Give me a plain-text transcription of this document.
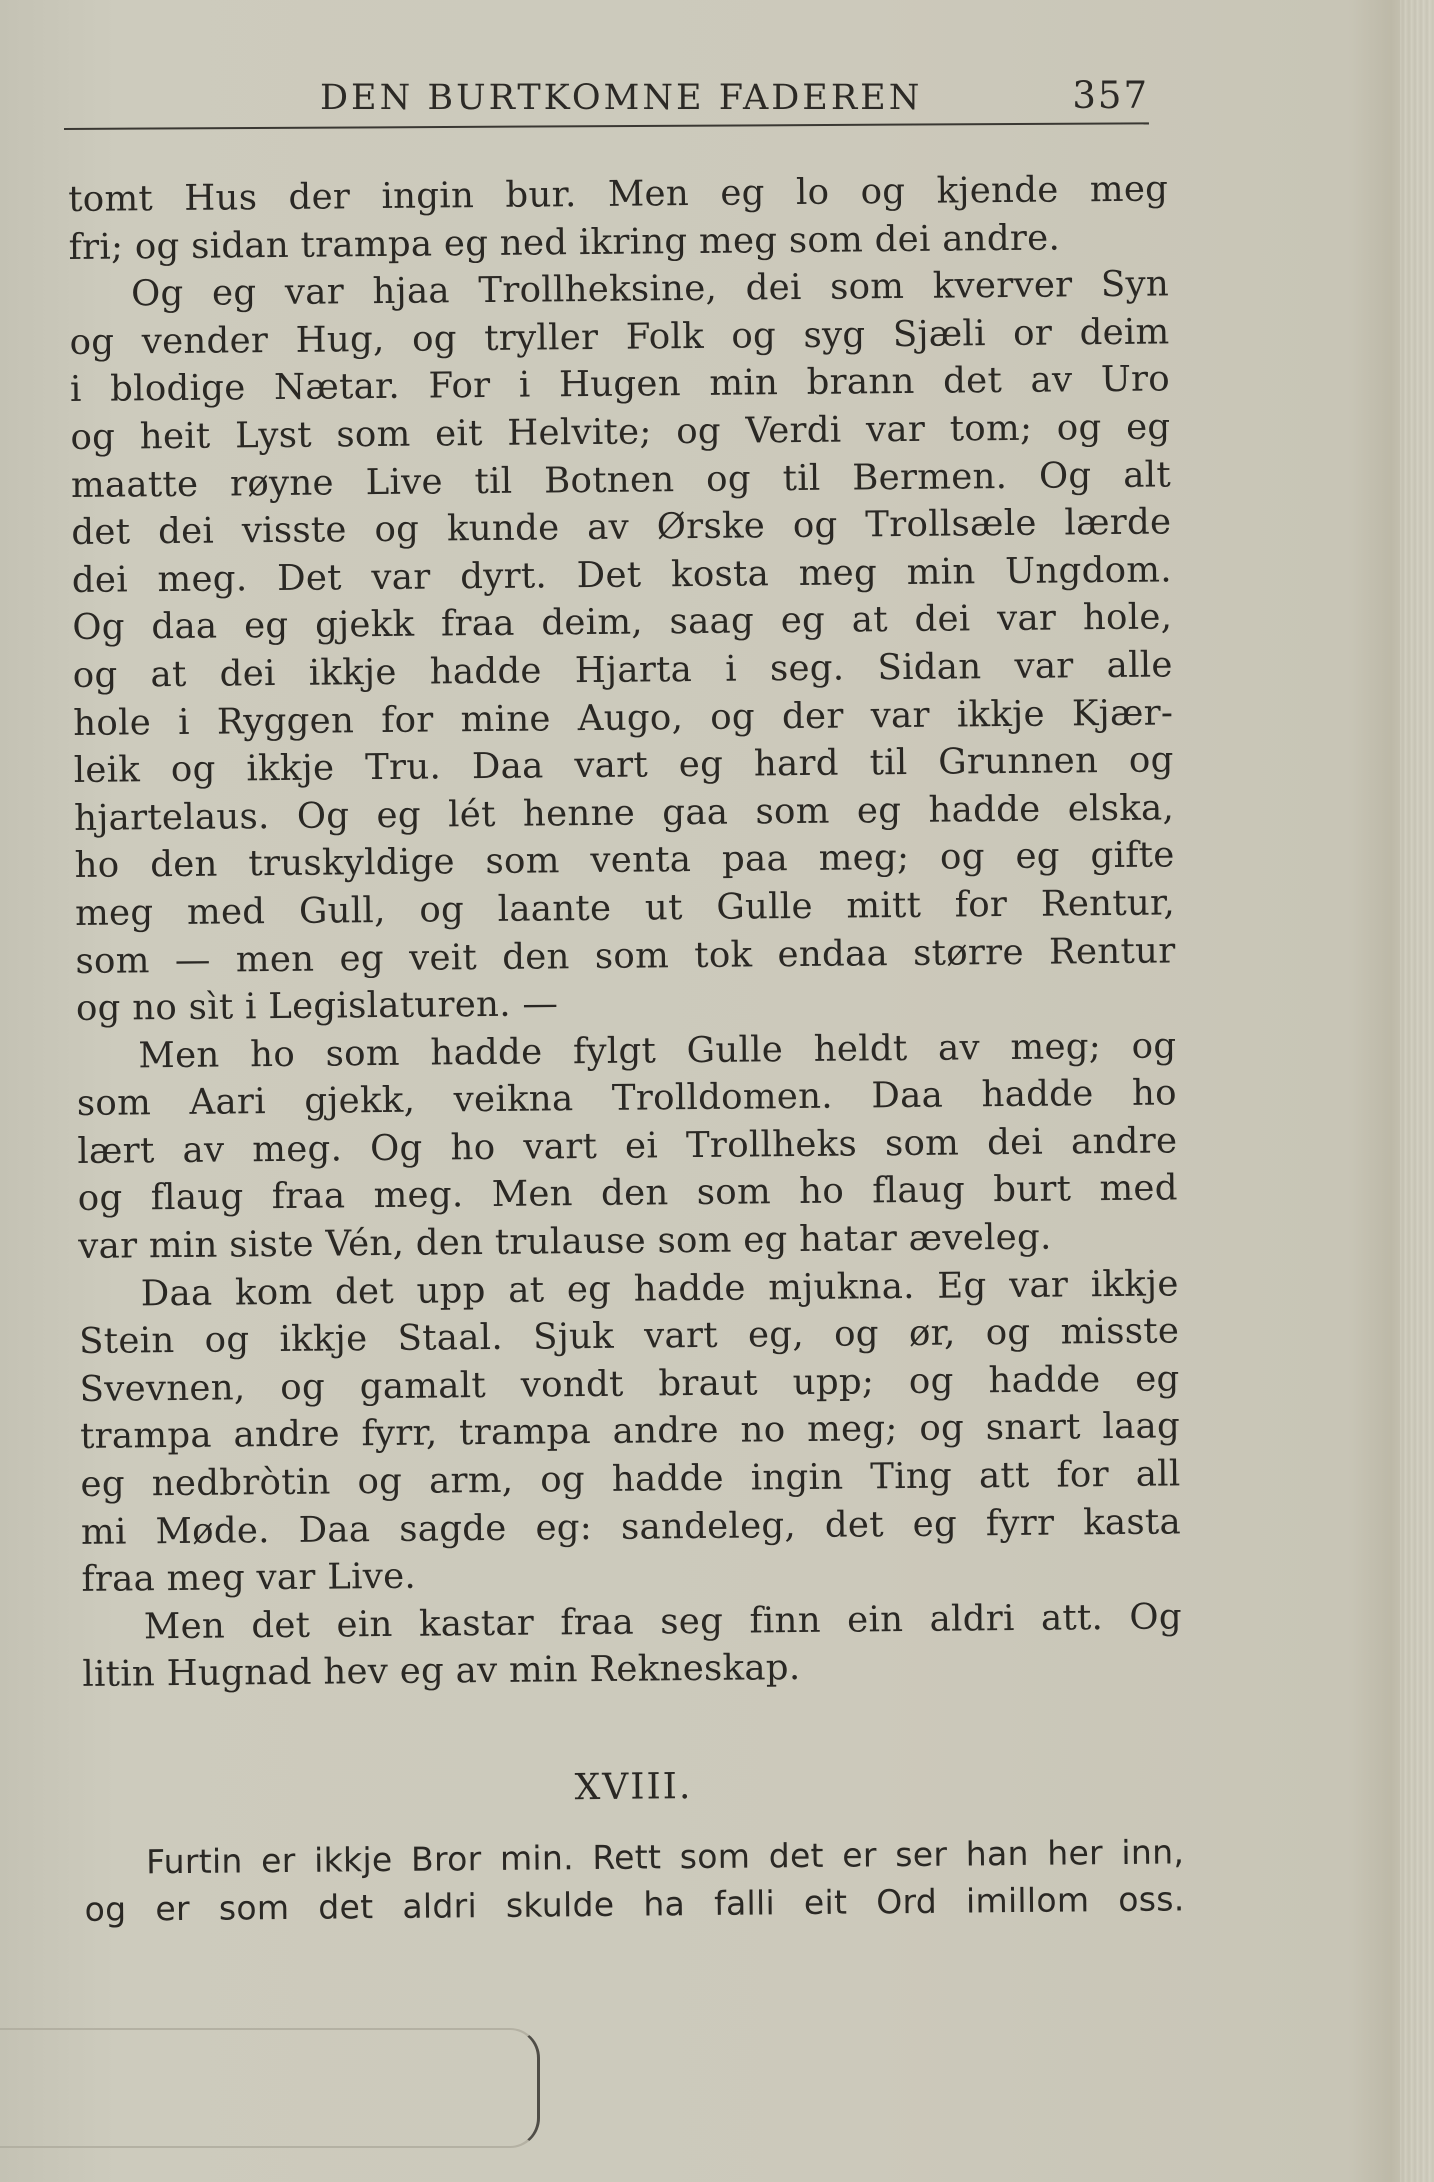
DEN BURTKOMNE FADEREN	357
tomt Hus der ingin bur. Men eg lo og kjende meg
fri; og sidan trampa eg ned ikring meg som dei andre.
Og eg var hjaa Trollheksine, dei som kverver Syn
og vender Hug, og tryller Folk og syg Sjæli or deim
i blodige Nætar. For i Hugen min brann det av Uro
og heit Lyst som eit Helvite; og Verdi var tom; og eg
maatte røyne Live til Botnen og til Bermen. Og alt
det dei visste og kunde av Ørske og Trollsæle lærde
dei meg. Det var dyrt. Det kosta meg min Ungdom.
Og daa eg gjekk fraa deim, saag eg at dei var hole,
og at dei ikkje hadde Hjarta i seg. Sidan var alle
hole i Ryggen for mine Augo, og der var ikkje Kjær-
leik og ikkje Tru. Daa vart eg hard til Grunnen og
hjartelaus. Og eg lét henne gaa som eg hadde elska,
ho den truskyldige som venta paa meg; og eg gifte
meg med Gull, og laante ut Gulle mitt for Rentur,
som — men eg veit den som tok endaa større Rentur
og no sìt i Legislaturen. —
Men ho som hadde fylgt Gulle heldt av meg; og
som Aari gjekk, veikna Trolldomen. Daa hadde ho
lært av meg. Og ho vart ei Trollheks som dei andre
og flaug fraa meg. Men den som ho flaug burt med
var min siste Vén, den trulause som eg hatar æveleg.
Daa kom det upp at eg hadde mjukna. Eg var ikkje
Stein og ikkje Staal. Sjuk vart eg, og ør, og misste
Svevnen, og gamalt vondt braut upp; og hadde eg
trampa andre fyrr, trampa andre no meg; og snart laag
eg nedbròtin og arm, og hadde ingin Ting att for all
mi Møde. Daa sagde eg: sandeleg, det eg fyrr kasta
fraa meg var Live.
Men det ein kastar fraa seg finn ein aldri att. Og
litin Hugnad hev eg av min Rekneskap.
XVIII.
Furtin er ikkje Bror min. Rett som det er ser han her inn,
og er som det aldri skulde ha falli eit Ord imillom oss.
